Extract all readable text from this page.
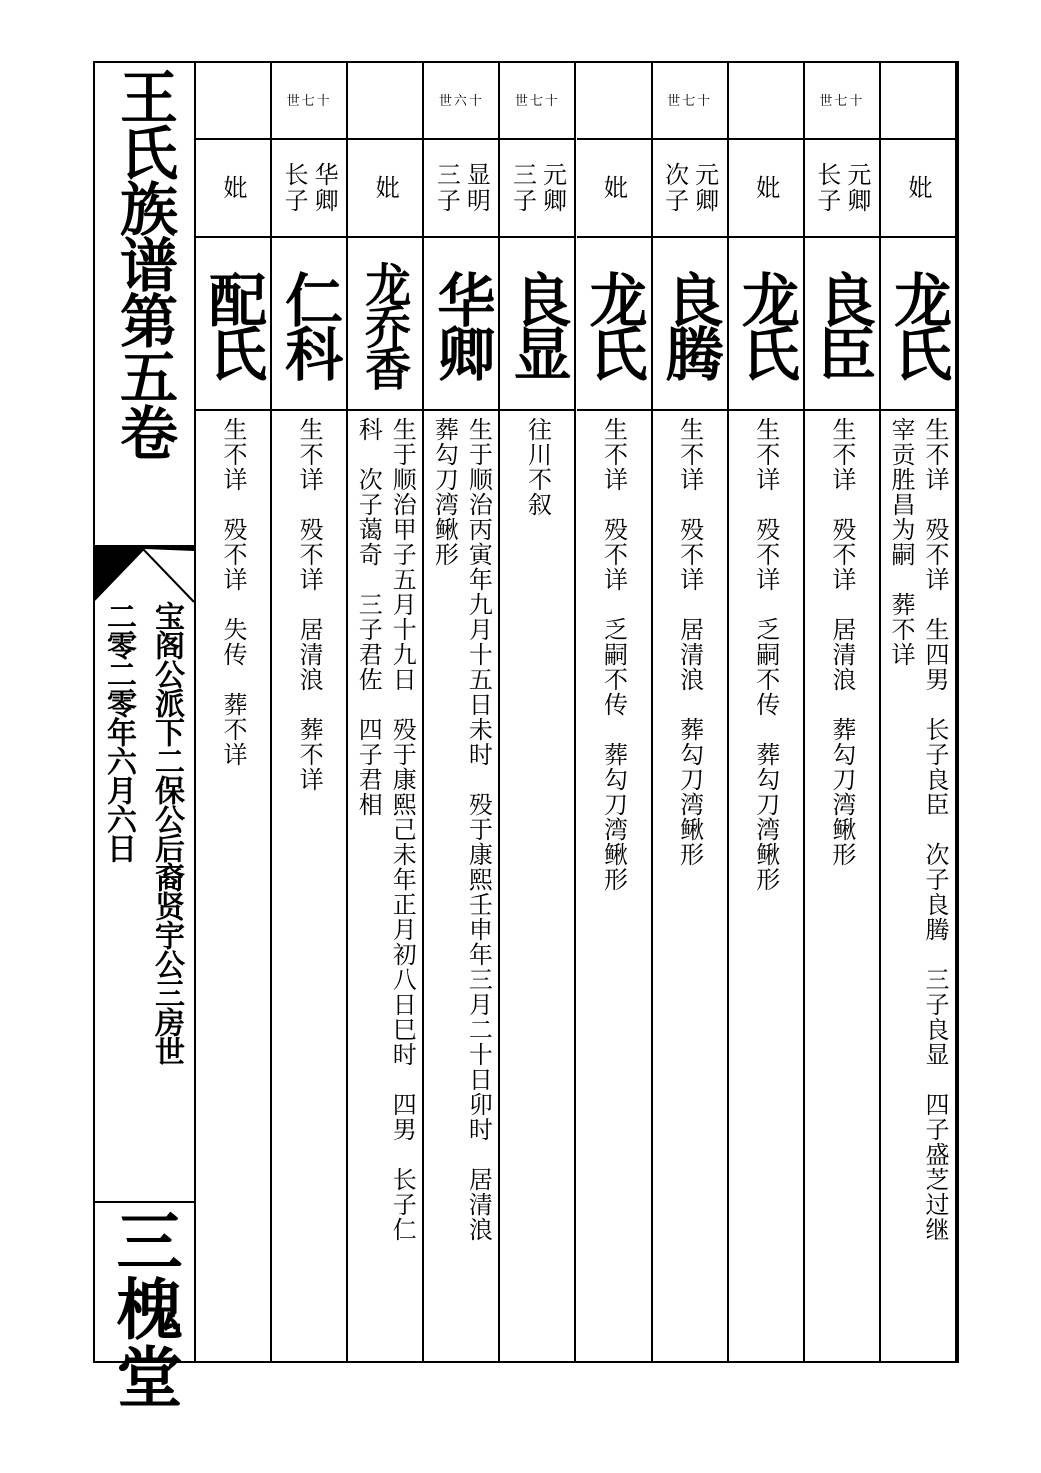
王氏族谱第五卷
宝阁公派下二保公后裔贤宇公三房世
二零二零年六月六日
三槐堂
妣
龙氏
生不详　殁不详　生四男　长子良臣　次子良腾　三子良显　四子盛芝过继
宰贡胜昌为嗣　葬不详
世七十
元卿
长子
良臣
生不详　殁不详　居清浪　葬勾刀湾鳅形
妣
龙氏
生不详　殁不详　乏嗣不传　葬勾刀湾鳅形
世七十
元卿
次子
良腾
生不详　殁不详　居清浪　葬勾刀湾鳅形
妣
龙氏
生不详　殁不详　乏嗣不传　葬勾刀湾鳅形
世七十
元卿
三子
良显
往川不叙
世六十
显明
三子
华卿
生于顺治丙寅年九月十五日未时　殁于康熙壬申年三月二十日卯时　居清浪
葬勾刀湾鳅形
妣
龙乔香
生于顺治甲子五月十九日　殁于康熙己未年正月初八日巳时　四男　长子仁
科　次子蔼奇　三子君佐　四子君相
世七十
华卿
长子
仁科
生不详　殁不详　居清浪　葬不详
妣
配氏
生不详　殁不详　失传　葬不详
